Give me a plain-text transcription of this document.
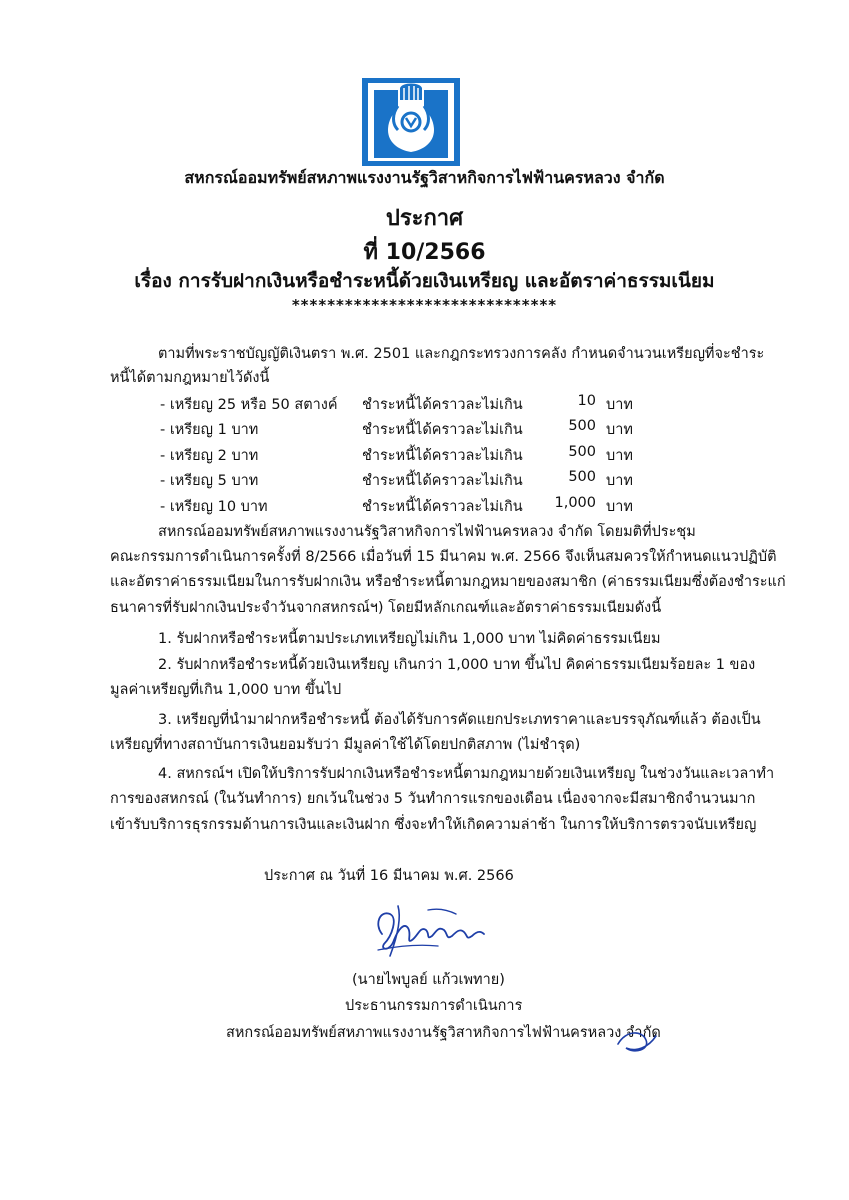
สหกรณ์ออมทรัพย์สหภาพแรงงานรัฐวิสาหกิจการไฟฟ้านครหลวง จำกัด
ประกาศ
ที่ 10/2566
เรื่อง การรับฝากเงินหรือชำระหนี้ด้วยเงินเหรียญ และอัตราค่าธรรมเนียม
******************************
ตามที่พระราชบัญญัติเงินตรา พ.ศ. 2501 และกฎกระทรวงการคลัง กำหนดจำนวนเหรียญที่จะชำระ
หนี้ได้ตามกฎหมายไว้ดังนี้
- เหรียญ 25 หรือ 50 สตางค์ ชำระหนี้ได้คราวละไม่เกิน	10 บาท
- เหรียญ 1 บาท	ชำระหนี้ได้คราวละไม่เกิน	500 บาท
- เหรียญ 2 บาท	ชำระหนี้ได้คราวละไม่เกิน	500 บาท
- เหรียญ 5 บาท	ชำระหนี้ได้คราวละไม่เกิน	500 บาท
- เหรียญ 10 บาท	ชำระหนี้ได้คราวละไม่เกิน	1,000 บาท
สหกรณ์ออมทรัพย์สหภาพแรงงานรัฐวิสาหกิจการไฟฟ้านครหลวง จำกัด โดยมติที่ประชุม
คณะกรรมการดำเนินการครั้งที่ 8/2566 เมื่อวันที่ 15 มีนาคม พ.ศ. 2566 จึงเห็นสมควรให้กำหนดแนวปฏิบัติ
และอัตราค่าธรรมเนียมในการรับฝากเงิน หรือชำระหนี้ตามกฎหมายของสมาชิก (ค่าธรรมเนียมซึ่งต้องชำระแก่
ธนาคารที่รับฝากเงินประจำวันจากสหกรณ์ฯ) โดยมีหลักเกณฑ์และอัตราค่าธรรมเนียมดังนี้
1. รับฝากหรือชำระหนี้ตามประเภทเหรียญไม่เกิน 1,000 บาท ไม่คิดค่าธรรมเนียม
2. รับฝากหรือชำระหนี้ด้วยเงินเหรียญ เกินกว่า 1,000 บาท ขึ้นไป คิดค่าธรรมเนียมร้อยละ 1 ของ
มูลค่าเหรียญที่เกิน 1,000 บาท ขึ้นไป
3. เหรียญที่นำมาฝากหรือชำระหนี้ ต้องได้รับการคัดแยกประเภทราคาและบรรจุภัณฑ์แล้ว ต้องเป็น
เหรียญที่ทางสถาบันการเงินยอมรับว่า มีมูลค่าใช้ได้โดยปกติสภาพ (ไม่ชำรุด)
4. สหกรณ์ฯ เปิดให้บริการรับฝากเงินหรือชำระหนี้ตามกฎหมายด้วยเงินเหรียญ ในช่วงวันและเวลาทำ
การของสหกรณ์ (ในวันทำการ) ยกเว้นในช่วง 5 วันทำการแรกของเดือน เนื่องจากจะมีสมาชิกจำนวนมาก
เข้ารับบริการธุรกรรมด้านการเงินและเงินฝาก ซึ่งจะทำให้เกิดความล่าช้า ในการให้บริการตรวจนับเหรียญ
ประกาศ ณ วันที่ 16 มีนาคม พ.ศ. 2566
(นายไพบูลย์ แก้วเพทาย)
ประธานกรรมการดำเนินการ
สหกรณ์ออมทรัพย์สหภาพแรงงานรัฐวิสาหกิจการไฟฟ้านครหลวง จำกัด
